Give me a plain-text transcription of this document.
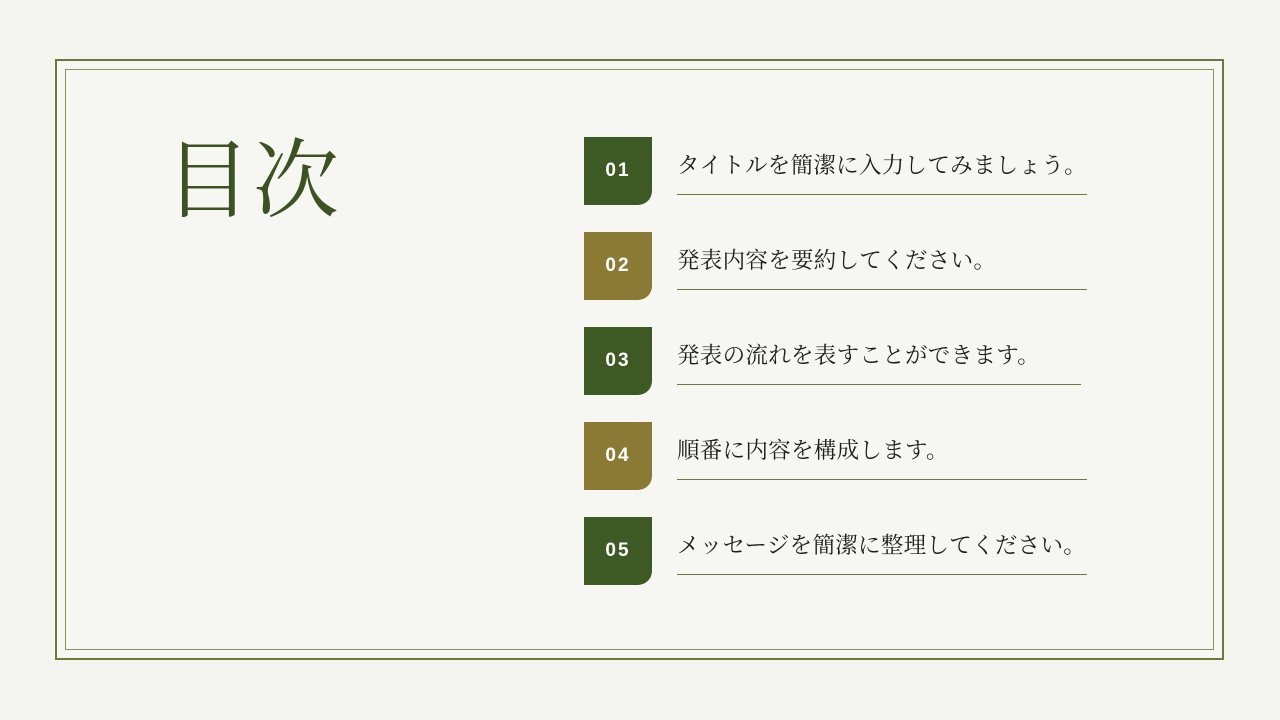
目次	01	タイトルを簡潔に入力してみましょう。
02	発表内容を要約してください。
03	発表の流れを表すことができます。
04	順番に内容を構成します。
05	メッセージを簡潔に整理してください。
